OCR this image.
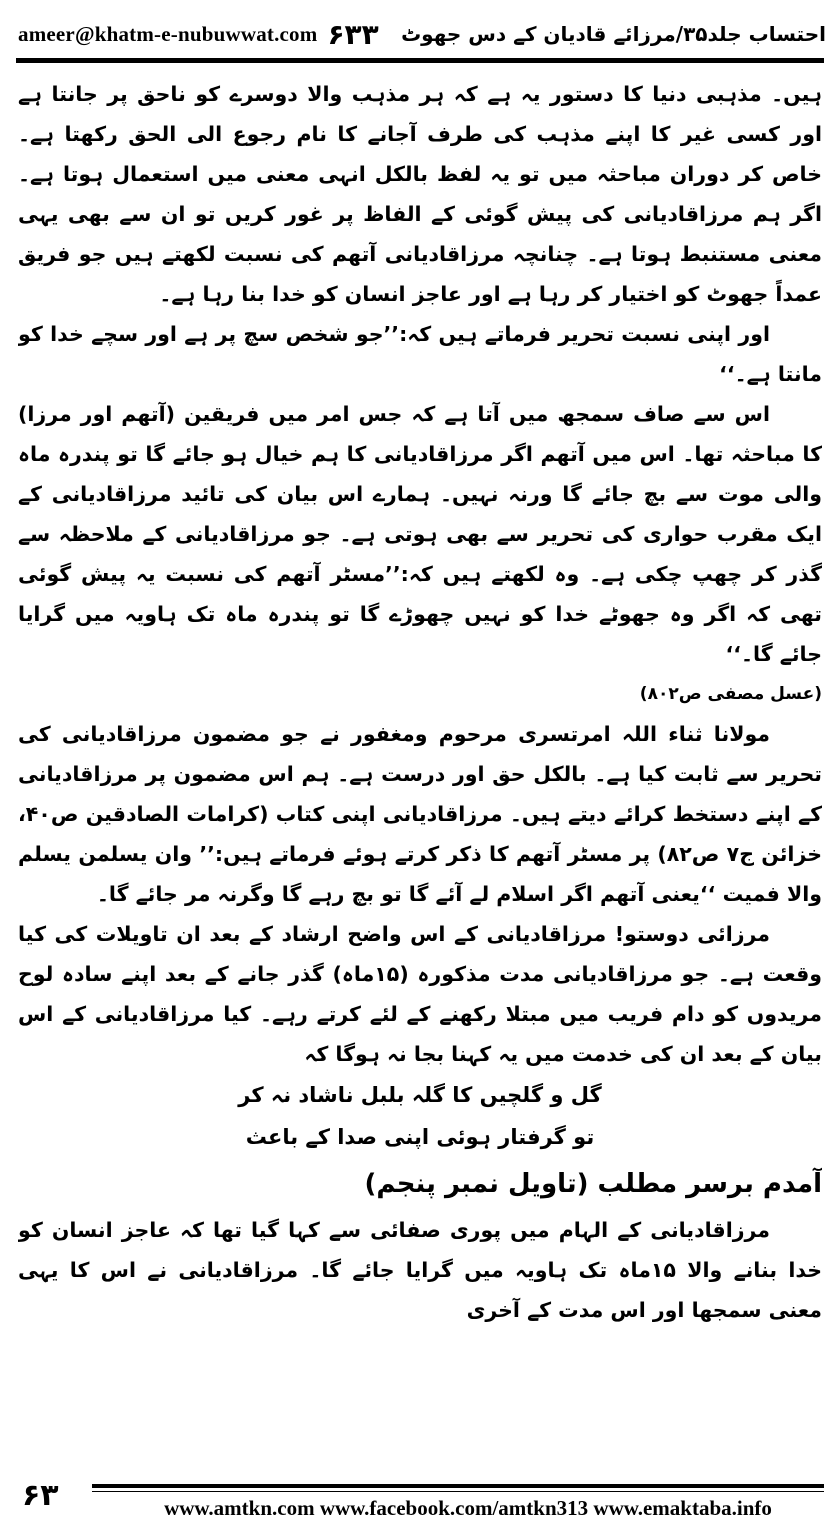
ameer@khatm-e-nubuwwat.com ۶۳۳ احتساب جلد۳۵/مرزائے قادیان کے دس جھوٹ

ہیں۔ مذہبی دنیا کا دستور یہ ہے کہ ہر مذہب والا دوسرے کو ناحق پر جانتا ہے اور کسی غیر کا اپنے مذہب کی طرف آجانے کا نام رجوع الی الحق رکھتا ہے۔ خاص کر دوران مباحثہ میں تو یہ لفظ بالکل انہی معنی میں استعمال ہوتا ہے۔ اگر ہم مرزاقادیانی کی پیش گوئی کے الفاظ پر غور کریں تو ان سے بھی یہی معنی مستنبط ہوتا ہے۔ چنانچہ مرزاقادیانی آتھم کی نسبت لکھتے ہیں جو فریق عمداً جھوٹ کو اختیار کر رہا ہے اور عاجز انسان کو خدا بنا رہا ہے۔

اور اپنی نسبت تحریر فرماتے ہیں کہ:’’جو شخص سچ پر ہے اور سچے خدا کو مانتا ہے۔‘‘

اس سے صاف سمجھ میں آتا ہے کہ جس امر میں فریقین (آتھم اور مرزا) کا مباحثہ تھا۔ اس میں آتھم اگر مرزاقادیانی کا ہم خیال ہو جائے گا تو پندرہ ماہ والی موت سے بچ جائے گا ورنہ نہیں۔ ہمارے اس بیان کی تائید مرزاقادیانی کے ایک مقرب حواری کی تحریر سے بھی ہوتی ہے۔ جو مرزاقادیانی کے ملاحظہ سے گذر کر چھپ چکی ہے۔ وہ لکھتے ہیں کہ:’’مسٹر آتھم کی نسبت یہ پیش گوئی تھی کہ اگر وہ جھوٹے خدا کو نہیں چھوڑے گا تو پندرہ ماہ تک ہاویہ میں گرایا جائے گا۔‘‘

(عسل مصفی ص۸۰۲)

مولانا ثناء اللہ امرتسری مرحوم ومغفور نے جو مضمون مرزاقادیانی کی تحریر سے ثابت کیا ہے۔ بالکل حق اور درست ہے۔ ہم اس مضمون پر مرزاقادیانی کے اپنے دستخط کرائے دیتے ہیں۔ مرزاقادیانی اپنی کتاب (کرامات الصادقین ص۴۰، خزائن ج۷ ص۸۲) پر مسٹر آتھم کا ذکر کرتے ہوئے فرماتے ہیں:’’ وان یسلمن یسلم والا فمیت ‘‘یعنی آتھم اگر اسلام لے آئے گا تو بچ رہے گا وگرنہ مر جائے گا۔

مرزائی دوستو! مرزاقادیانی کے اس واضح ارشاد کے بعد ان تاویلات کی کیا وقعت ہے۔ جو مرزاقادیانی مدت مذکورہ (۱۵ماہ) گذر جانے کے بعد اپنے سادہ لوح مریدوں کو دام فریب میں مبتلا رکھنے کے لئے کرتے رہے۔ کیا مرزاقادیانی کے اس بیان کے بعد ان کی خدمت میں یہ کہنا بجا نہ ہوگا کہ

گل و گلچیں کا گلہ بلبل ناشاد نہ کر

تو گرفتار ہوئی اپنی صدا کے باعث

آمدم برسر مطلب (تاویل نمبر پنجم)

مرزاقادیانی کے الہام میں پوری صفائی سے کہا گیا تھا کہ عاجز انسان کو خدا بنانے والا ۱۵ماہ تک ہاویہ میں گرایا جائے گا۔ مرزاقادیانی نے اس کا یہی معنی سمجھا اور اس مدت کے آخری

۶۳	www.amtkn.com www.facebook.com/amtkn313 www.emaktaba.info
